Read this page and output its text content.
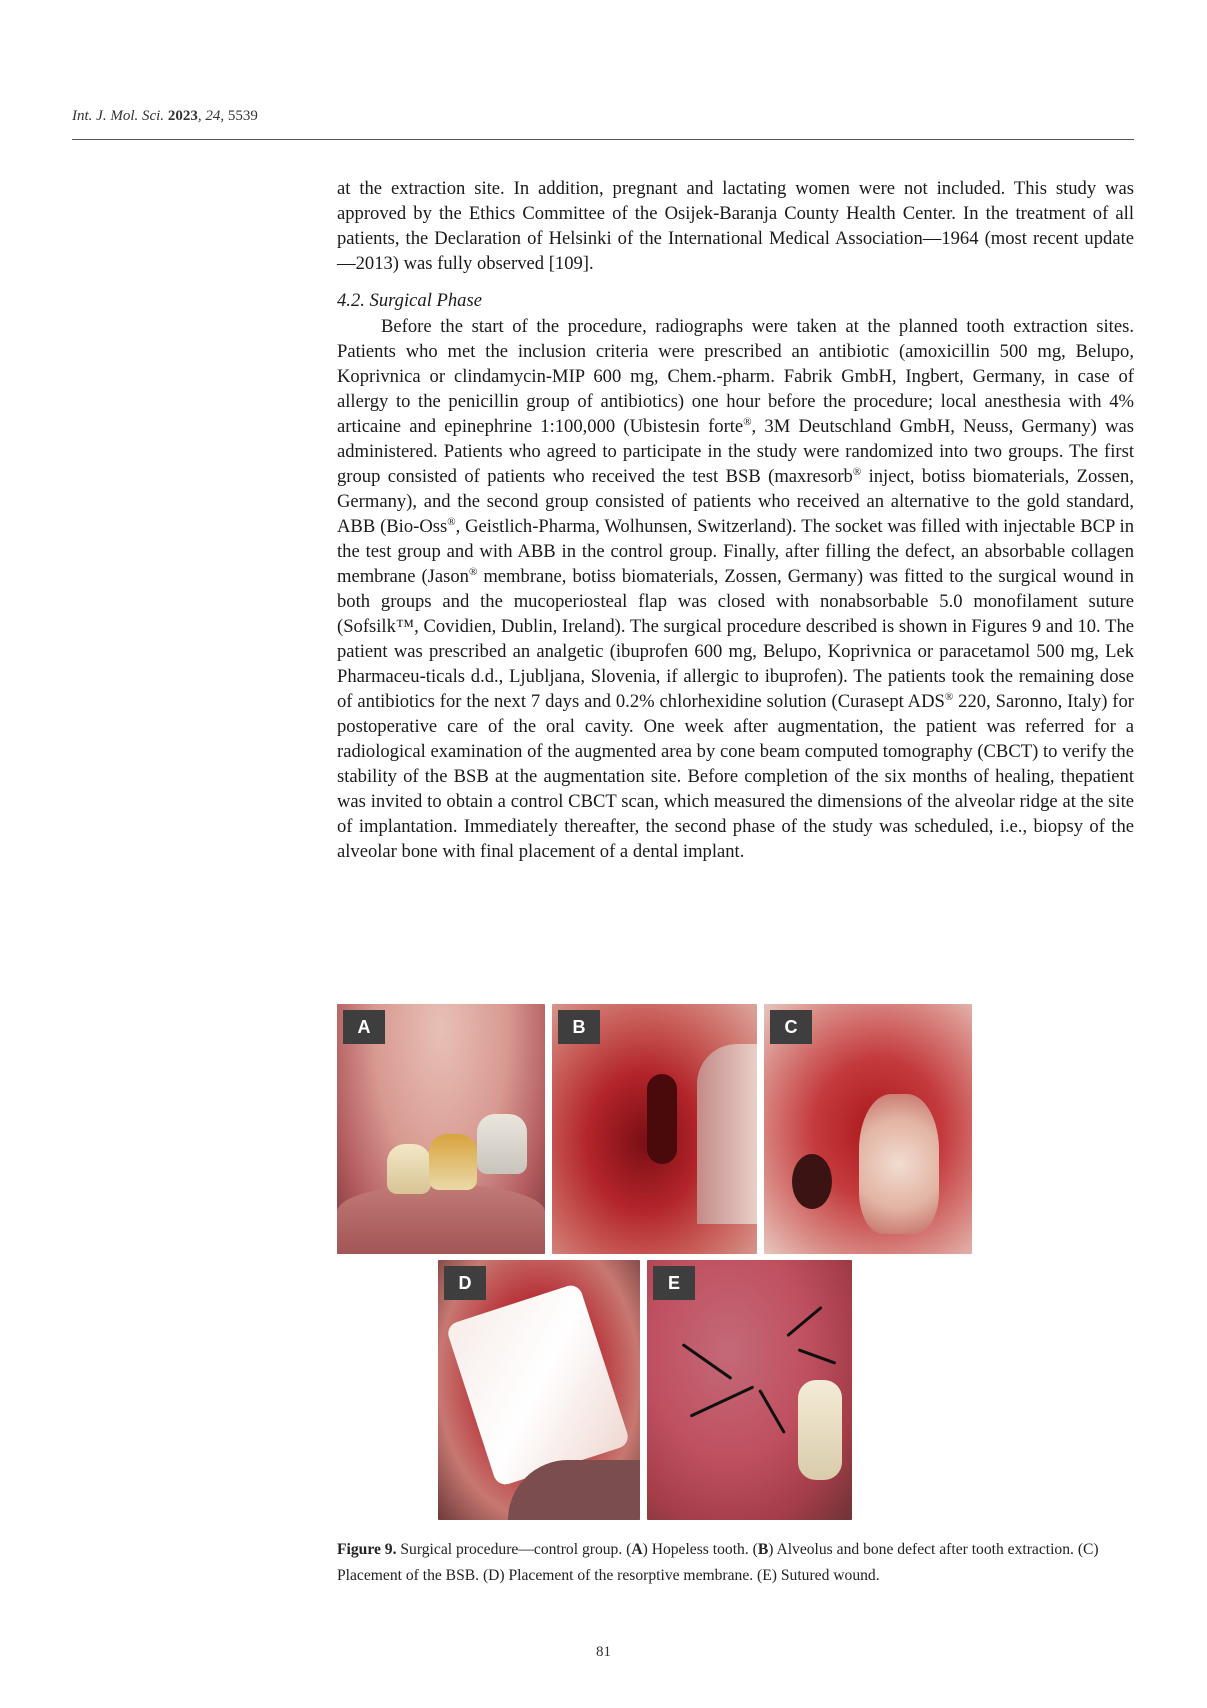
Int. J. Mol. Sci. 2023, 24, 5539

at the extraction site. In addition, pregnant and lactating women were not included. This study was approved by the Ethics Committee of the Osijek-Baranja County Health Center. In the treatment of all patients, the Declaration of Helsinki of the International Medical Association—1964 (most recent update—2013) was fully observed [109].

4.2. Surgical Phase

Before the start of the procedure, radiographs were taken at the planned tooth extraction sites. Patients who met the inclusion criteria were prescribed an antibiotic (amoxicillin 500 mg, Belupo, Koprivnica or clindamycin-MIP 600 mg, Chem.-pharm. Fabrik GmbH, Ingbert, Germany, in case of allergy to the penicillin group of antibiotics) one hour before the procedure; local anesthesia with 4% articaine and epinephrine 1:100,000 (Ubistesin forte®, 3M Deutschland GmbH, Neuss, Germany) was administered. Patients who agreed to participate in the study were randomized into two groups. The first group consisted of patients who received the test BSB (maxresorb® inject, botiss biomaterials, Zossen, Germany), and the second group consisted of patients who received an alternative to the gold standard, ABB (Bio-Oss®, Geistlich-Pharma, Wolhunsen, Switzerland). The socket was filled with injectable BCP in the test group and with ABB in the control group. Finally, after filling the defect, an absorbable collagen membrane (Jason® membrane, botiss biomaterials, Zossen, Germany) was fitted to the surgical wound in both groups and the mucoperiosteal flap was closed with nonabsorbable 5.0 monofilament suture (Sofsilk™, Covidien, Dublin, Ireland). The surgical procedure described is shown in Figures 9 and 10. The patient was prescribed an analgetic (ibuprofen 600 mg, Belupo, Koprivnica or paracetamol 500 mg, Lek Pharmaceu-ticals d.d., Ljubljana, Slovenia, if allergic to ibuprofen). The patients took the remaining dose of antibiotics for the next 7 days and 0.2% chlorhexidine solution (Curasept ADS® 220, Saronno, Italy) for postoperative care of the oral cavity. One week after augmentation, the patient was referred for a radiological examination of the augmented area by cone beam computed tomography (CBCT) to verify the stability of the BSB at the augmentation site. Before completion of the six months of healing, thepatient was invited to obtain a control CBCT scan, which measured the dimensions of the alveolar ridge at the site of implantation. Immediately thereafter, the second phase of the study was scheduled, i.e., biopsy of the alveolar bone with final placement of a dental implant.

A	B	C
D	E

Figure 9. Surgical procedure—control group. (A) Hopeless tooth. (B) Alveolus and bone defect after tooth extraction. (C) Placement of the BSB. (D) Placement of the resorptive membrane. (E) Sutured wound.

81
